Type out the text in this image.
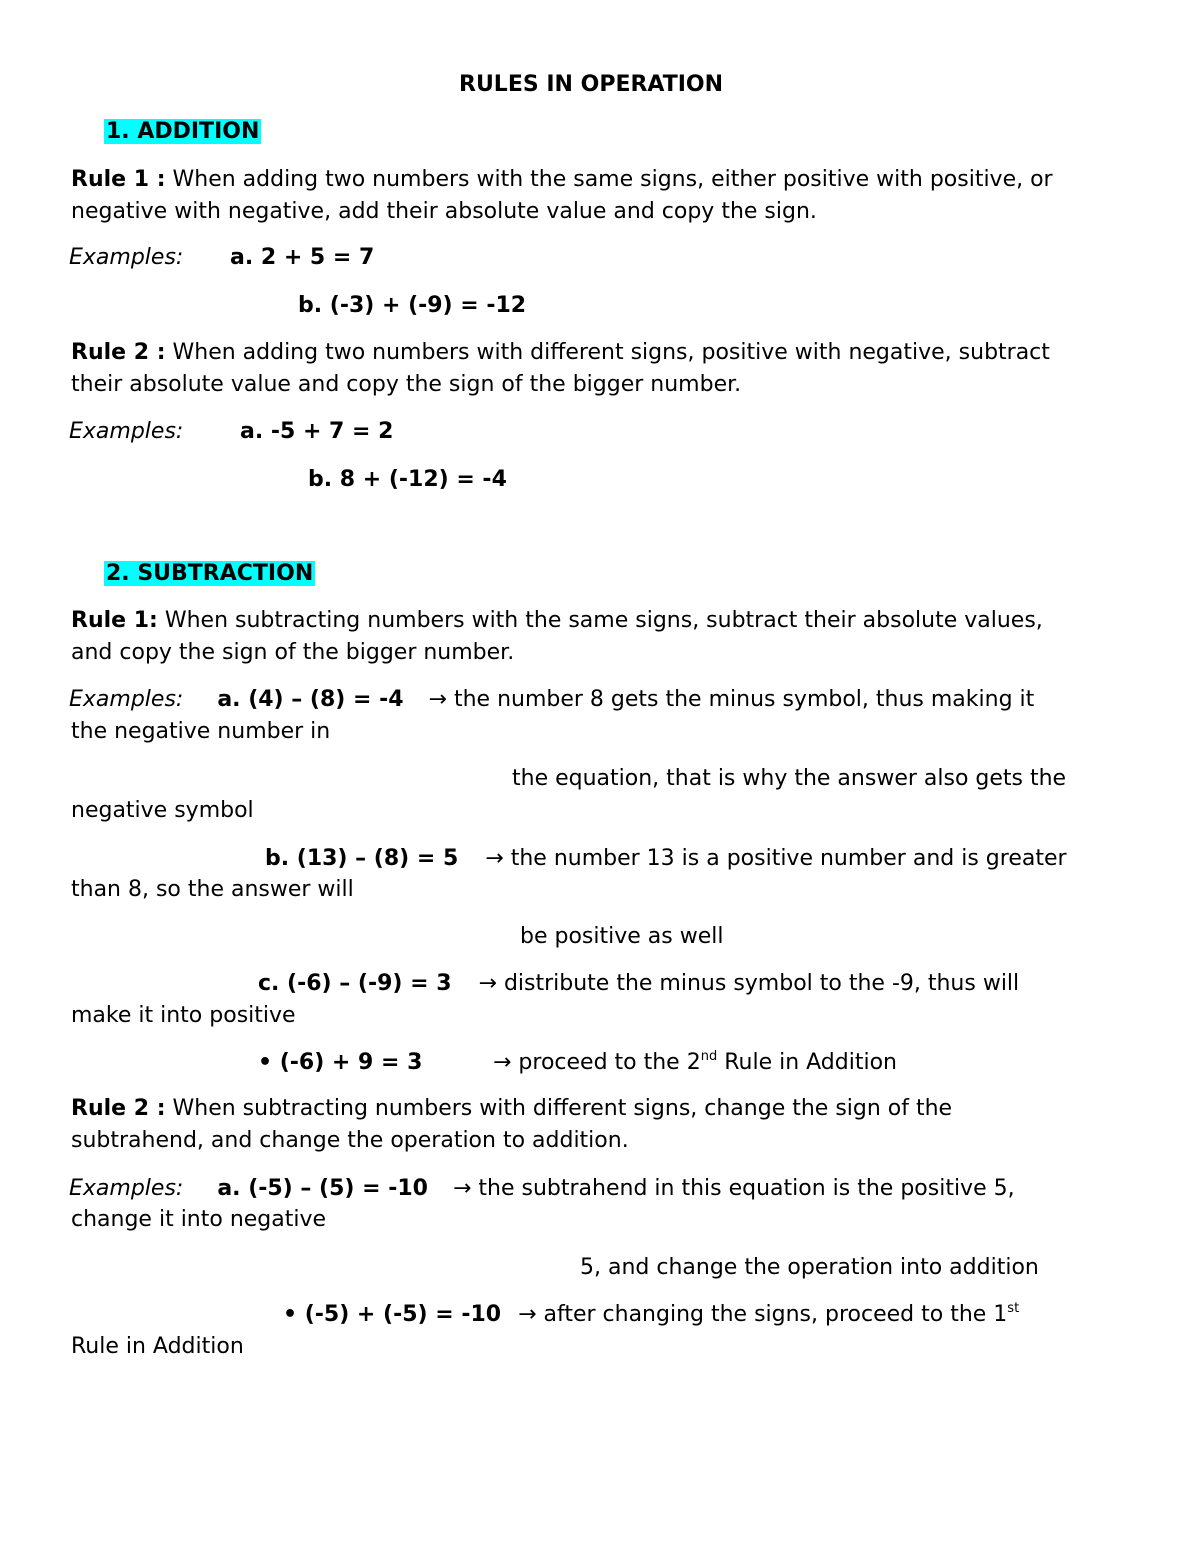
RULES IN OPERATION
1. ADDITION
Rule 1 : When adding two numbers with the same signs, either positive with positive, or
negative with negative, add their absolute value and copy the sign.
Examples: a. 2 + 5 = 7
b. (-3) + (-9) = -12
Rule 2 : When adding two numbers with different signs, positive with negative, subtract
their absolute value and copy the sign of the bigger number.
Examples:	a. -5 + 7 = 2
b. 8 + (-12) = -4
2. SUBTRACTION
Rule 1: When subtracting numbers with the same signs, subtract their absolute values,
and copy the sign of the bigger number.
Examples: a. (4) – (8) = -4 → the number 8 gets the minus symbol, thus making it
the negative number in
the equation, that is why the answer also gets the
negative symbol
b. (13) – (8) = 5 → the number 13 is a positive number and is greater
than 8, so the answer will
be positive as well
c. (-6) – (-9) = 3 → distribute the minus symbol to the -9, thus will
make it into positive
• (-6) + 9 = 3	→ proceed to the 2nd Rule in Addition
Rule 2 : When subtracting numbers with different signs, change the sign of the
subtrahend, and change the operation to addition.
Examples: a. (-5) – (5) = -10 → the subtrahend in this equation is the positive 5,
change it into negative
5, and change the operation into addition
• (-5) + (-5) = -10 → after changing the signs, proceed to the 1st
Rule in Addition
